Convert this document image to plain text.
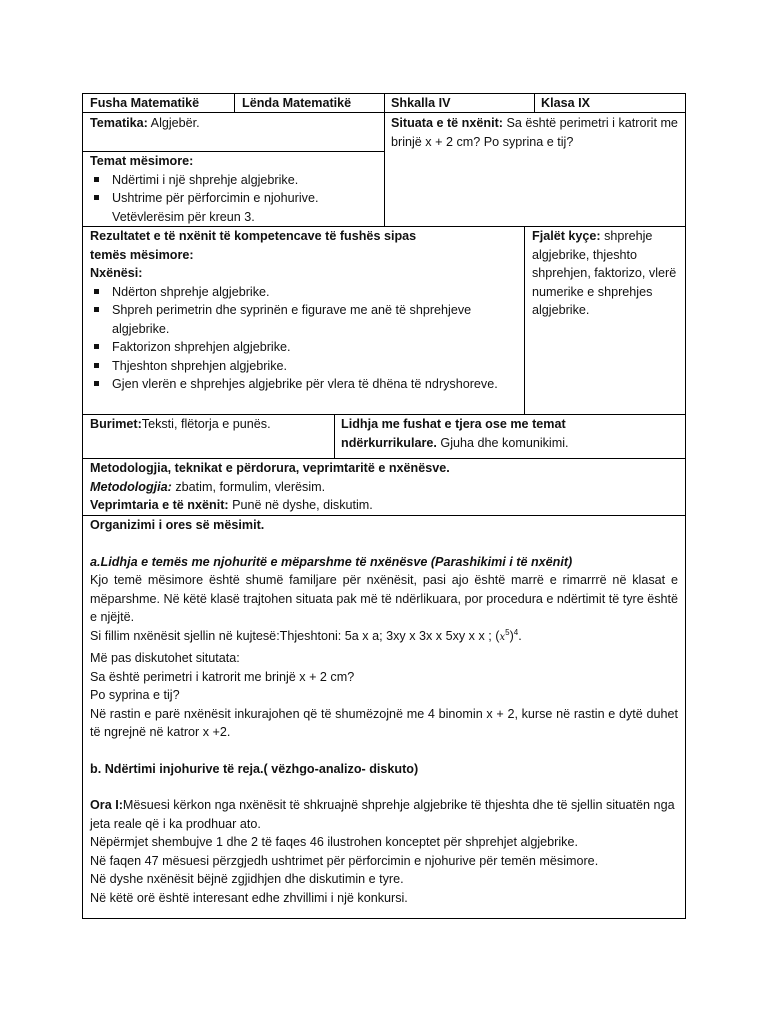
Fusha Matematikë	Lënda Matematikë	Shkalla IV	Klasa IX
Tematika: Algjebër.	Situata e të nxënit: Sa është perimetri i katrorit me brinjë x + 2 cm? Po syprina e tij?
Temat mësimore:
Ndërtimi i një shprehje algjebrike.
Ushtrime për përforcimin e njohurive. Vetëvlerësim për kreun 3.
Rezultatet e të nxënit të kompetencave të fushës sipas temës mësimore:
Nxënësi:
Ndërton shprehje algjebrike.
Shpreh perimetrin dhe syprinën e figurave me anë të shprehjeve algjebrike.
Faktorizon shprehjen algjebrike.
Thjeshton shprehjen algjebrike.
Gjen vlerën e shprehjes algjebrike për vlera të dhëna të ndryshoreve.
Fjalët kyçe: shprehje algjebrike, thjeshto shprehjen, faktorizo, vlerë numerike e shprehjes algjebrike.
Burimet:Teksti, flëtorja e punës.	Lidhja me fushat e tjera ose me temat ndërkurrikulare. Gjuha dhe komunikimi.
Metodologjia, teknikat e përdorura, veprimtaritë e nxënësve.
Metodologjia: zbatim, formulim, vlerësim.
Veprimtaria e të nxënit: Punë në dyshe, diskutim.
Organizimi i ores së mësimit.
a.Lidhja e temës me njohuritë e mëparshme të nxënësve (Parashikimi i të nxënit)

Kjo temë mësimore është shumë familjare për nxënësit, pasi ajo është marrë e rimarrrë në klasat e mëparshme. Në këtë klasë trajtohen situata pak më të ndërlikuara, por procedura e ndërtimit të tyre është e njëjtë.

Si fillim nxënësit sjellin në kujtesë:Thjeshtoni: 5a x a; 3xy x 3x x 5xy x x ; $(x^5)^4$.

Më pas diskutohet situtata:

Sa është perimetri i katrorit me brinjë x + 2 cm?

Po syprina e tij?

Në rastin e parë nxënësit inkurajohen që të shumëzojnë me 4 binomin x + 2, kurse në rastin e dytë duhet të ngrejnë në katror x +2.

b. Ndërtimi injohurive të reja.( vëzhgo-analizo- diskuto)

Ora I:Mësuesi kërkon nga nxënësit të shkruajnë shprehje algjebrike të thjeshta dhe të sjellin situatën nga jeta reale që i ka prodhuar ato.

Nëpërmjet shembujve 1 dhe 2 të faqes 46 ilustrohen konceptet për shprehjet algjebrike.

Në faqen 47 mësuesi përzgjedh ushtrimet për përforcimin e njohurive për temën mësimore.

Në dyshe nxënësit bëjnë zgjidhjen dhe diskutimin e tyre.

Në këtë orë është interesant edhe zhvillimi i një konkursi.
